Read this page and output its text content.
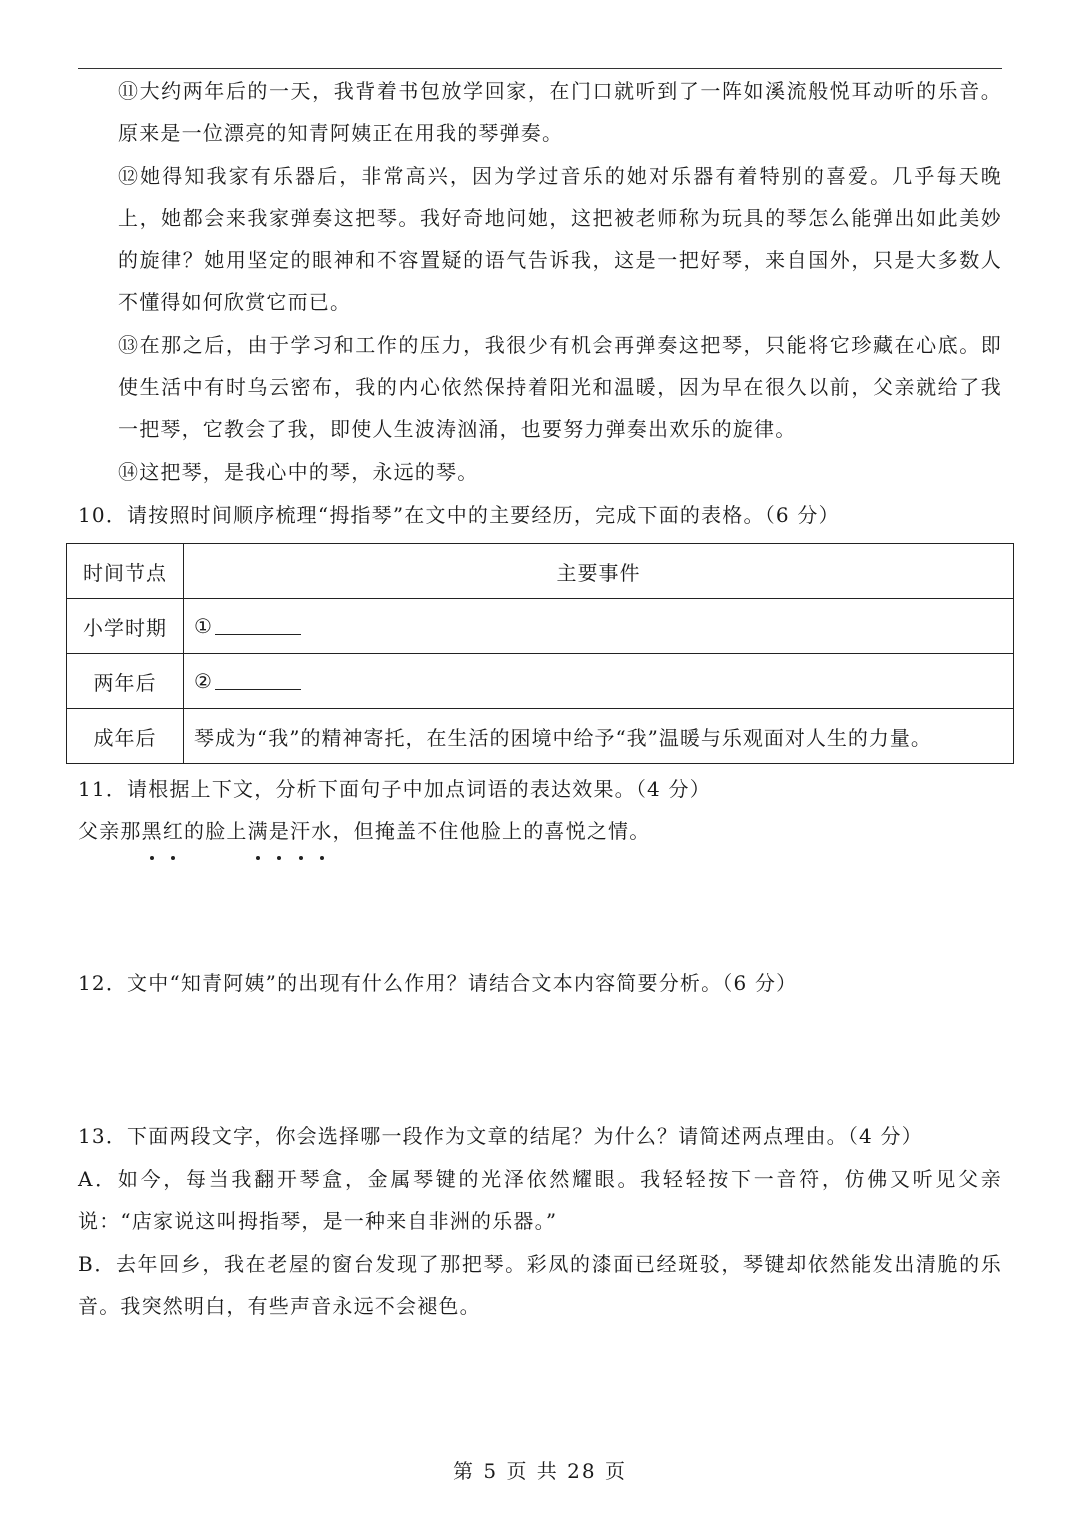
⑪大约两年后的一天，我背着书包放学回家，在门口就听到了一阵如溪流般悦耳动听的乐音。原来是一位漂亮的知青阿姨正在用我的琴弹奏。
⑫她得知我家有乐器后，非常高兴，因为学过音乐的她对乐器有着特别的喜爱。几乎每天晚上，她都会来我家弹奏这把琴。我好奇地问她，这把被老师称为玩具的琴怎么能弹出如此美妙的旋律？她用坚定的眼神和不容置疑的语气告诉我，这是一把好琴，来自国外，只是大多数人不懂得如何欣赏它而已。
⑬在那之后，由于学习和工作的压力，我很少有机会再弹奏这把琴，只能将它珍藏在心底。即使生活中有时乌云密布，我的内心依然保持着阳光和温暖，因为早在很久以前，父亲就给了我一把琴，它教会了我，即使人生波涛汹涌，也要努力弹奏出欢乐的旋律。
⑭这把琴，是我心中的琴，永远的琴。
10．请按照时间顺序梳理“拇指琴”在文中的主要经历，完成下面的表格。（6 分）
时间节点	主要事件
小学时期	①
两年后	②
成年后	琴成为“我”的精神寄托，在生活的困境中给予“我”温暖与乐观面对人生的力量。
11．请根据上下文，分析下面句子中加点词语的表达效果。（4 分）
父亲那黑红的脸上满是汗水，但掩盖不住他脸上的喜悦之情。
12．文中“知青阿姨”的出现有什么作用？请结合文本内容简要分析。（6 分）
13．下面两段文字，你会选择哪一段作为文章的结尾？为什么？请简述两点理由。（4 分）
A．如今，每当我翻开琴盒，金属琴键的光泽依然耀眼。我轻轻按下一音符，仿佛又听见父亲说：“店家说这叫拇指琴，是一种来自非洲的乐器。”
B．去年回乡，我在老屋的窗台发现了那把琴。彩凤的漆面已经斑驳，琴键却依然能发出清脆的乐音。我突然明白，有些声音永远不会褪色。
第 5 页 共 28 页
